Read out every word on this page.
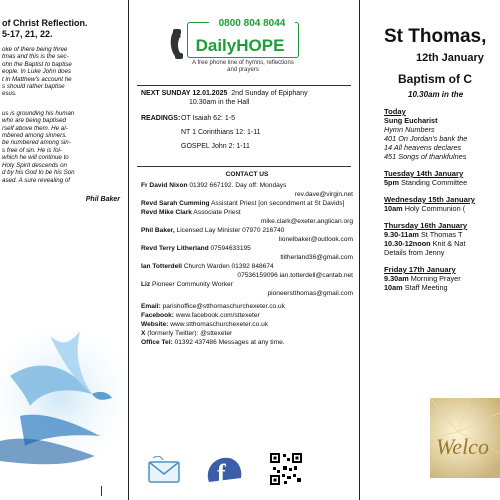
of Christ Reflection.
5-17, 21, 22.
oke of there being three
tmas and this is the sec-
ohn the Baptist to baptise
eople. In Luke John does
t in Matthew's account he
s should rather baptise
esus.
us is grounding his human
who are being baptised
rself above them. He al-
mbered among sinners.
be numbered among sin-
s free of sin. He is fol-
which he will continue to
Holy Spirit descends on
d by his God to be his Son
ased. A sure revealing of
Phil Baker
0800 804 8044
DailyHOPE
A free phone line of hymns, reflections and prayers
NEXT SUNDAY 12.01.2025 2nd Sunday of Epiphany
10.30am in the Hall
READINGS:OT Isaiah 62: 1-5
NT 1 Corinthians 12: 1-11
GOSPEL John 2: 1-11
CONTACT US
Fr David Nixon 01392 667192. Day off: Mondays
rev.dave@virgin.net
Revd Sarah Cumming Assistant Priest [on secondment at St Davids]
Revd Mike Clark Associate Priest
mike.clark@exeter.anglican.org
Phil Baker, Licensed Lay Minister 07970 216740
lionelbaker@outlook.com
Revd Terry Litherland 07594633195
tlitherland36@gmail.com
Ian Totterdell Church Warden 01392 848674
07536159096 ian.totterdell@cantab.net
Liz Pioneer Community Worker
pioneerstthomas@gmail.com

Email: parishoffice@stthomaschurchexeter.co.uk
Facebook: www.facebook.com/sttexeter
Website: www.stthomaschurchexeter.co.uk
X (formerly Twitter): @sttexeter
Office Tel: 01392 437486 Messages at any time.
f
St Thomas,
12th January
Baptism of C
10.30am in the
Today
Sung Eucharist
Hymn Numbers
401 On Jordan's bank the
14 All heavens declares
451 Songs of thankfulnes
Tuesday 14th January
5pm Standing Committee
Wednesday 15th January
10am Holy Communion (
Thursday 16th January
9.30-11am St Thomas T
10.30-12noon Knit & Nat
Details from Jenny
Friday 17th January
9.30am Morning Prayer
10am Staff Meeting
Welco
